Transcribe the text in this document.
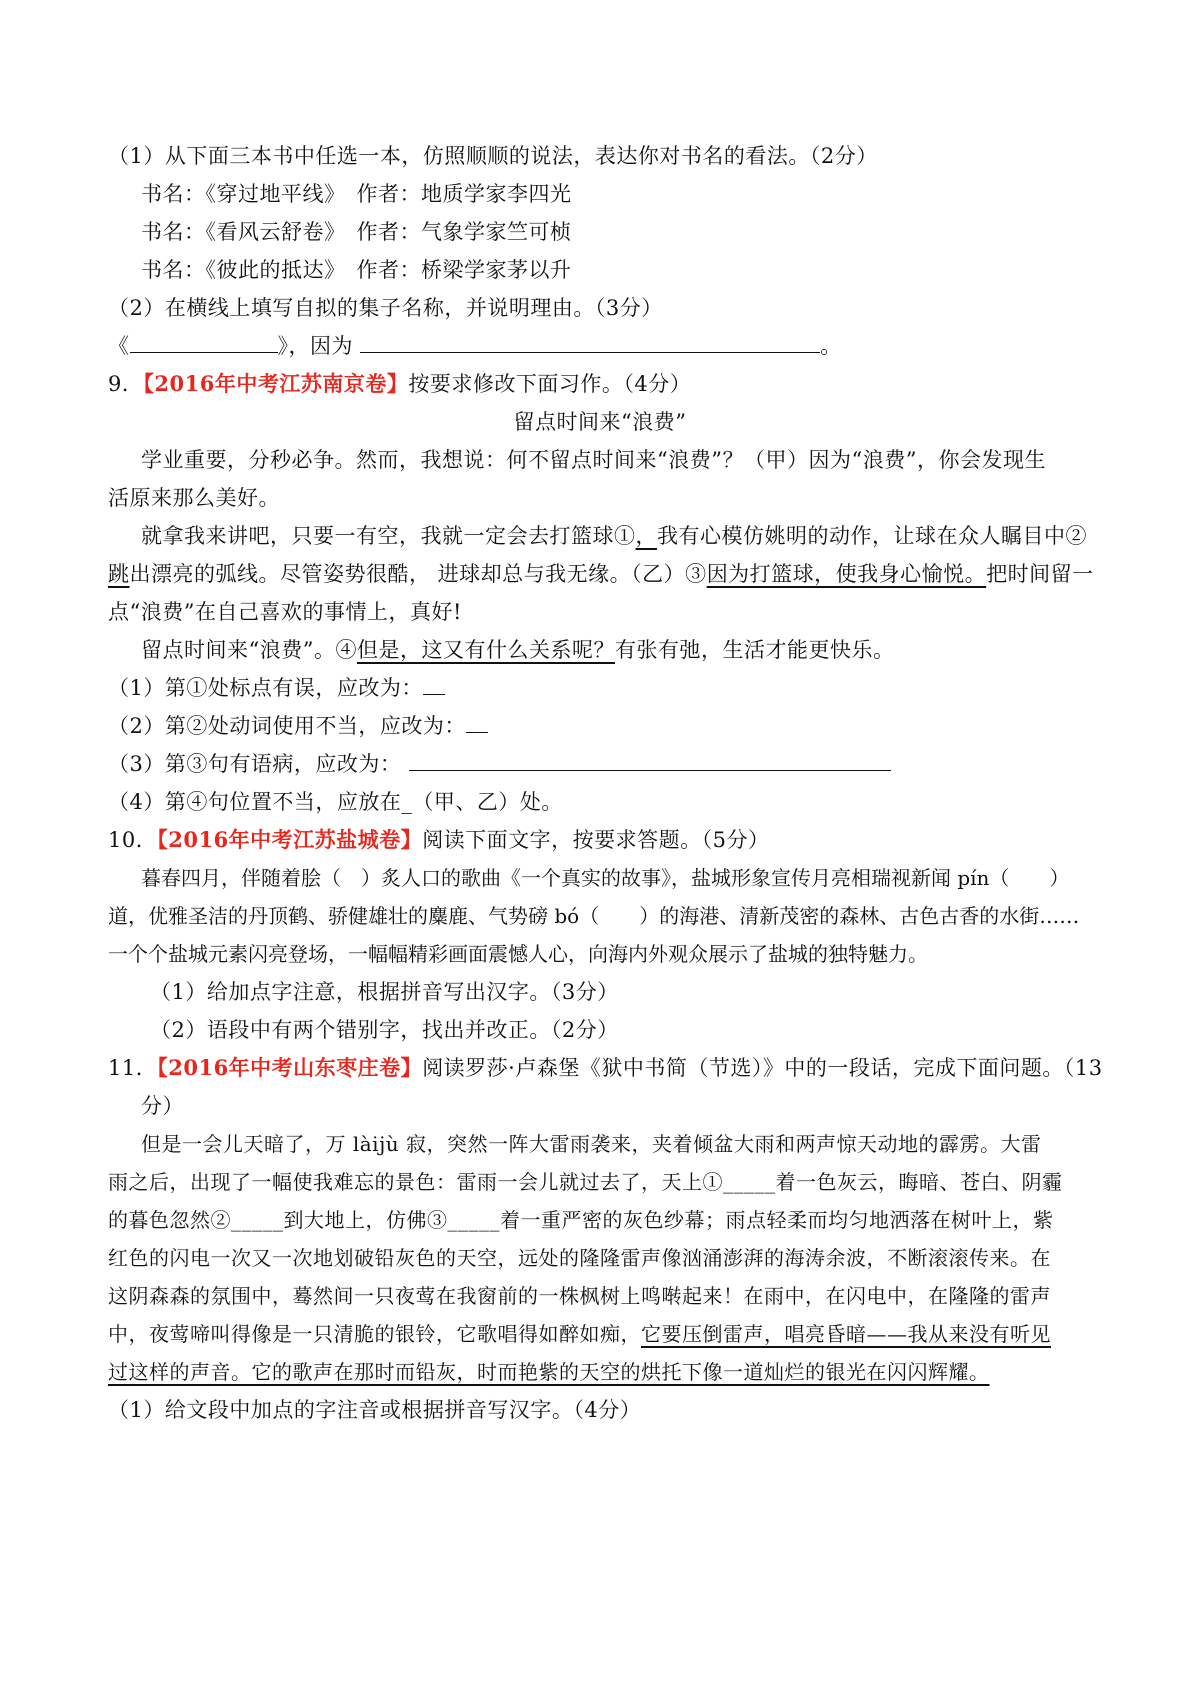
（1）从下面三本书中任选一本，仿照顺顺的说法，表达你对书名的看法。（2分）
书名：《穿过地平线》　作者：地质学家李四光
书名：《看风云舒卷》　作者：气象学家竺可桢
书名：《彼此的抵达》　作者：桥梁学家茅以升
（2）在横线上填写自拟的集子名称，并说明理由。（3分）
《	》，因为	。
9．【2016年中考江苏南京卷】按要求修改下面习作。（4分）
留点时间来“浪费”
学业重要，分秒必争。然而，我想说：何不留点时间来“浪费”？（甲）因为“浪费”，你会发现生
活原来那么美好。
就拿我来讲吧，只要一有空，我就一定会去打篮球①，我有心模仿姚明的动作，让球在众人瞩目中②
跳出漂亮的弧线。尽管姿势很酷， 进球却总与我无缘。（乙）③因为打篮球，使我身心愉悦。把时间留一
点“浪费”在自己喜欢的事情上，真好!
留点时间来“浪费”。④但是，这又有什么关系呢？有张有弛，生活才能更快乐。
（1）第①处标点有误，应改为：
（2）第②处动词使用不当，应改为：
（3）第③句有语病，应改为：
（4）第④句位置不当，应放在_（甲、乙）处。
10．【2016年中考江苏盐城卷】阅读下面文字，按要求答题。（5分）
暮春四月，伴随着脍（　）炙人口的歌曲《一个真实的故事》，盐城形象宣传月亮相瑞视新闻 pín（　　）
道，优雅圣洁的丹顶鹤、骄健雄壮的麋鹿、气势磅 bó（　　）的海港、清新茂密的森林、古色古香的水街……
一个个盐城元素闪亮登场，一幅幅精彩画面震憾人心，向海内外观众展示了盐城的独特魅力。
（1）给加点字注意，根据拼音写出汉字。（3分）
（2）语段中有两个错别字，找出并改正。（2分）
11．【2016年中考山东枣庄卷】阅读罗莎·卢森堡《狱中书简（节选）》中的一段话，完成下面问题。（13
分）
但是一会儿天暗了，万 làijù 寂，突然一阵大雷雨袭来，夹着倾盆大雨和两声惊天动地的霹雳。大雷
雨之后，出现了一幅使我难忘的景色：雷雨一会儿就过去了，天上①_____着一色灰云，晦暗、苍白、阴霾
的暮色忽然②_____到大地上，仿佛③_____着一重严密的灰色纱幕；雨点轻柔而均匀地洒落在树叶上，紫
红色的闪电一次又一次地划破铅灰色的天空，远处的隆隆雷声像汹涌澎湃的海涛余波，不断滚滚传来。在
这阴森森的氛围中，蓦然间一只夜莺在我窗前的一株枫树上鸣啭起来！在雨中，在闪电中，在隆隆的雷声
中，夜莺啼叫得像是一只清脆的银铃，它歌唱得如醉如痴，它要压倒雷声，唱亮昏暗——我从来没有听见
过这样的声音。它的歌声在那时而铅灰，时而艳紫的天空的烘托下像一道灿烂的银光在闪闪辉耀。
（1）给文段中加点的字注音或根据拼音写汉字。（4分）
